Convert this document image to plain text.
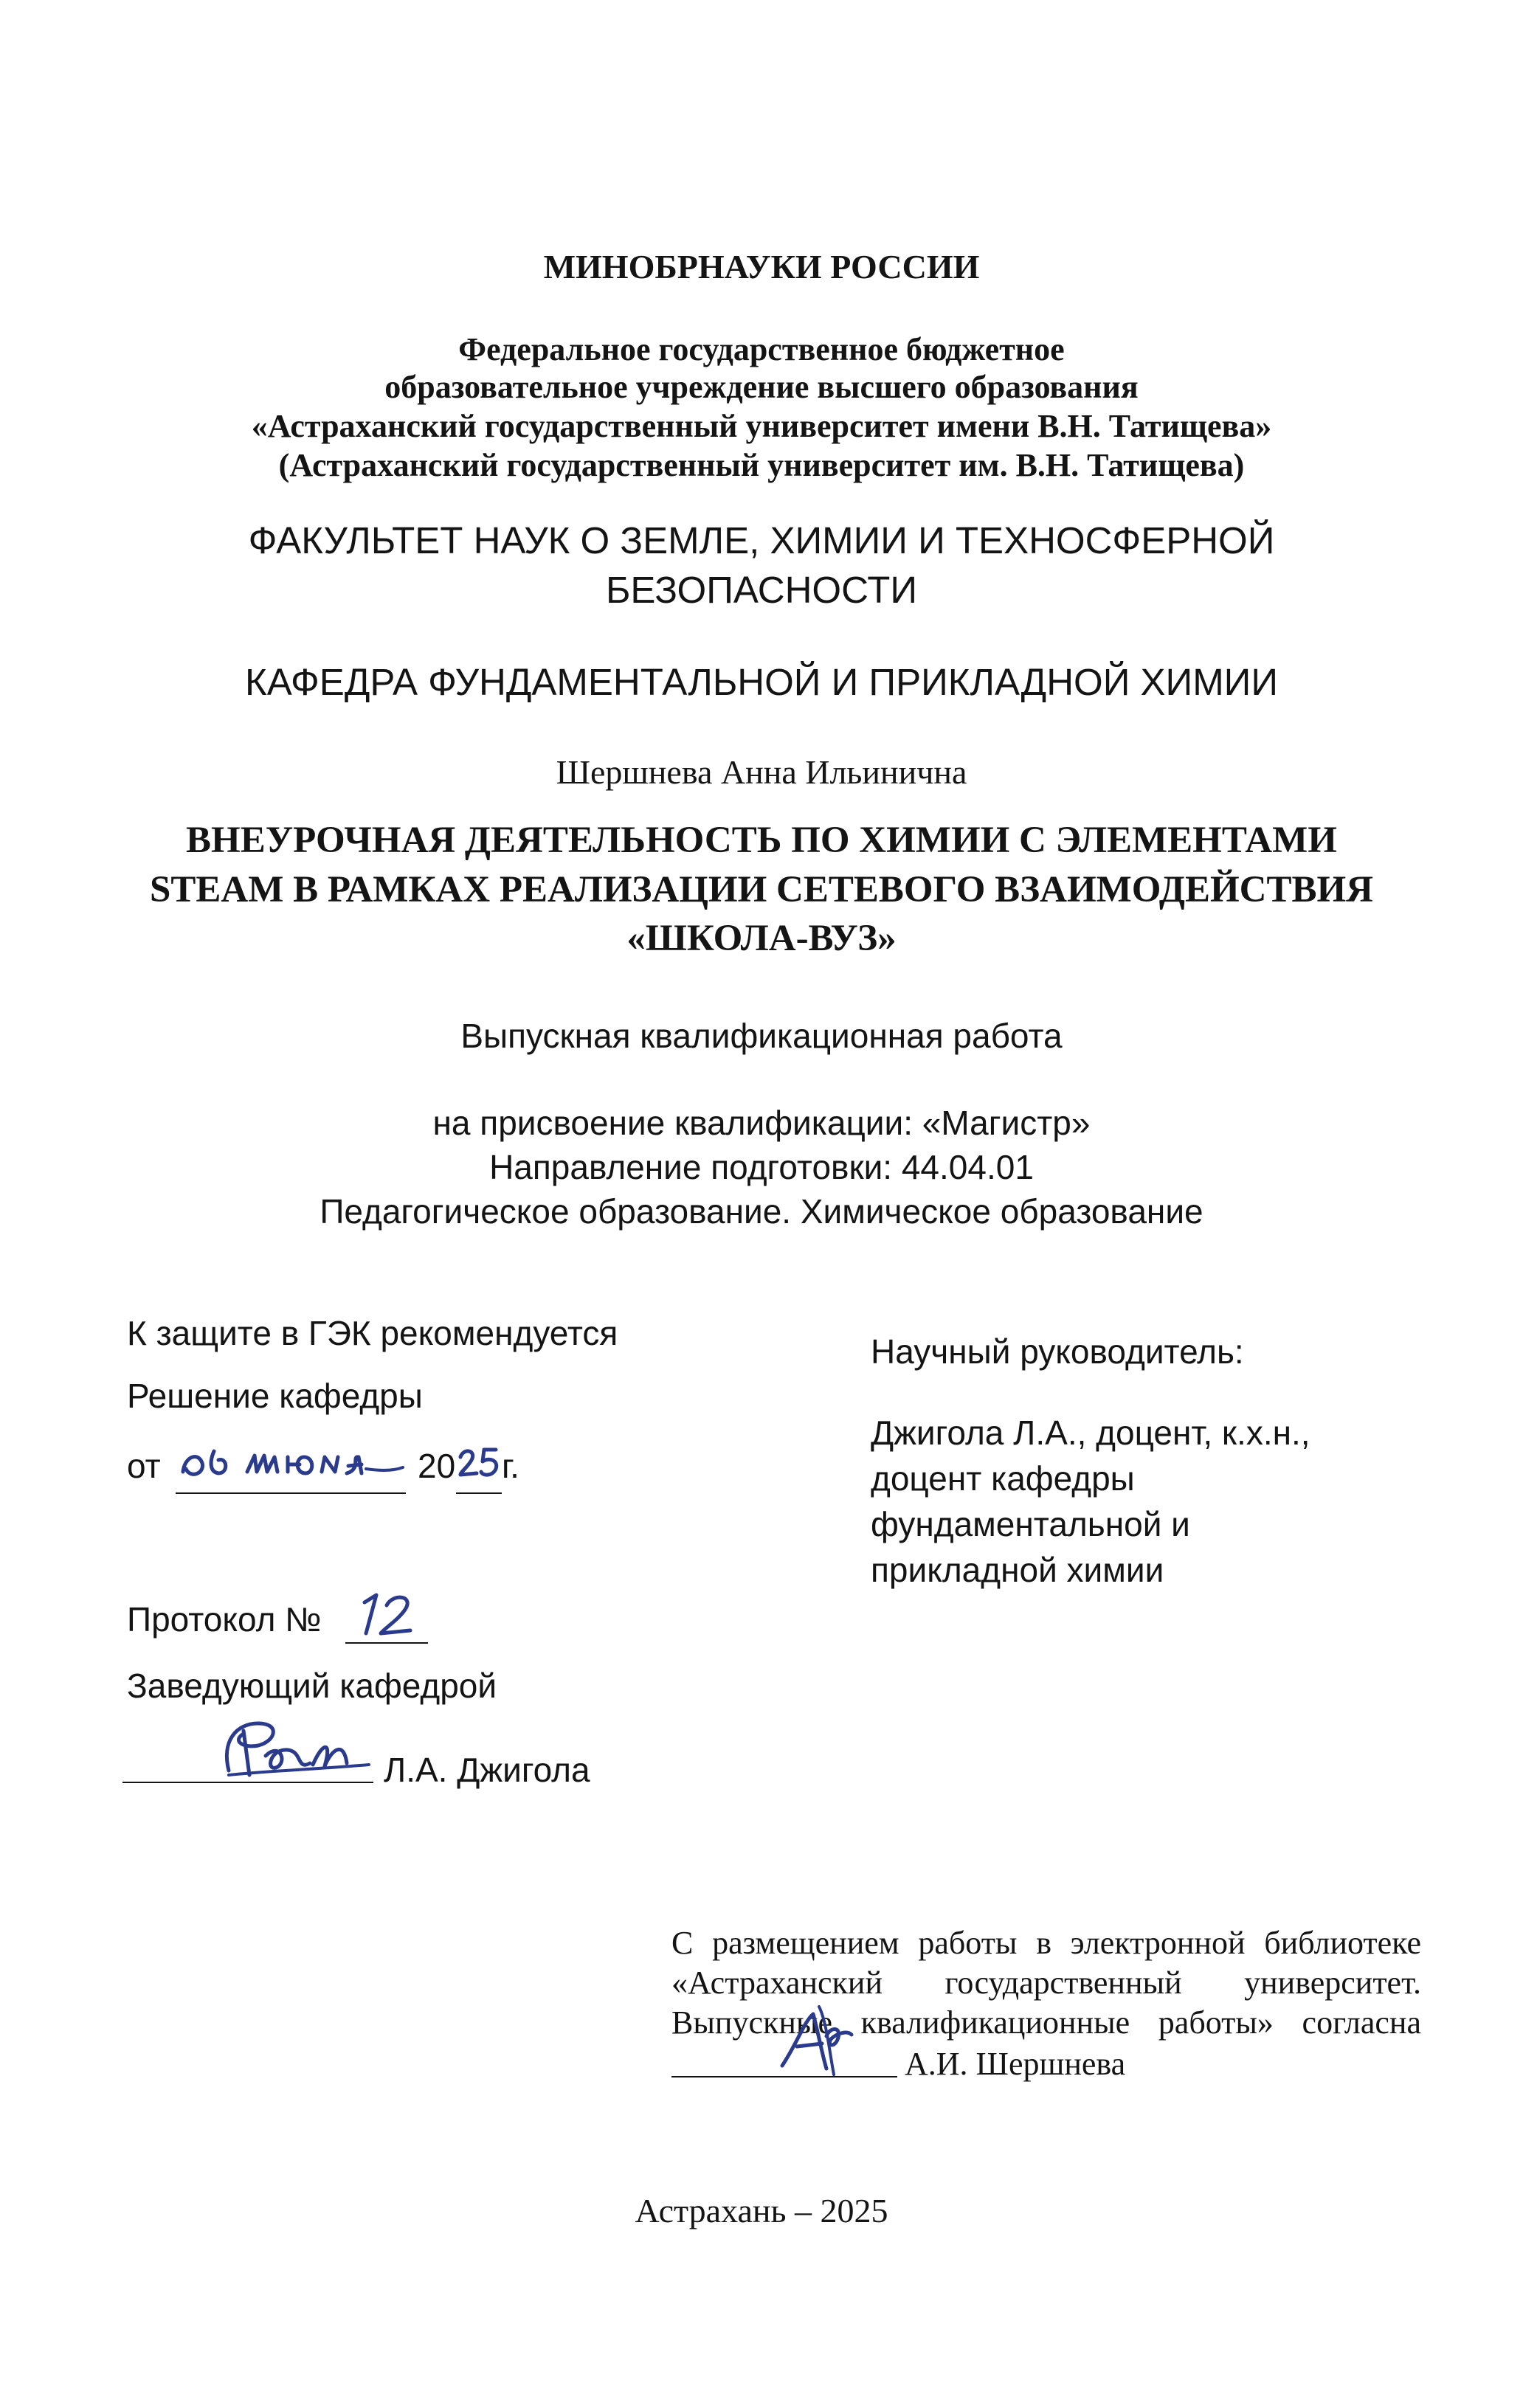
МИНОБРНАУКИ РОССИИ
Федеральное государственное бюджетное
образовательное учреждение высшего образования
«Астраханский государственный университет имени В.Н. Татищева»
(Астраханский государственный университет им. В.Н. Татищева)
ФАКУЛЬТЕТ НАУК О ЗЕМЛЕ, ХИМИИ И ТЕХНОСФЕРНОЙ
БЕЗОПАСНОСТИ
КАФЕДРА ФУНДАМЕНТАЛЬНОЙ И ПРИКЛАДНОЙ ХИМИИ
Шершнева Анна Ильинична
ВНЕУРОЧНАЯ ДЕЯТЕЛЬНОСТЬ ПО ХИМИИ С ЭЛЕМЕНТАМИ
STEAM В РАМКАХ РЕАЛИЗАЦИИ СЕТЕВОГО ВЗАИМОДЕЙСТВИЯ
«ШКОЛА-ВУЗ»
Выпускная квалификационная работа
на присвоение квалификации: «Магистр»
Направление подготовки: 44.04.01
Педагогическое образование. Химическое образование
К защите в ГЭК рекомендуется
Решение кафедры
от	20 г.
Протокол №
Заведующий кафедрой
Л.А. Джигола
Научный руководитель:
Джигола Л.А., доцент, к.х.н.,
доцент кафедры
фундаментальной и
прикладной химии
С размещением работы в электронной библиотеке
«Астраханский государственный университет.
Выпускные квалификационные работы» согласна
А.И. Шершнева
Астрахань – 2025
